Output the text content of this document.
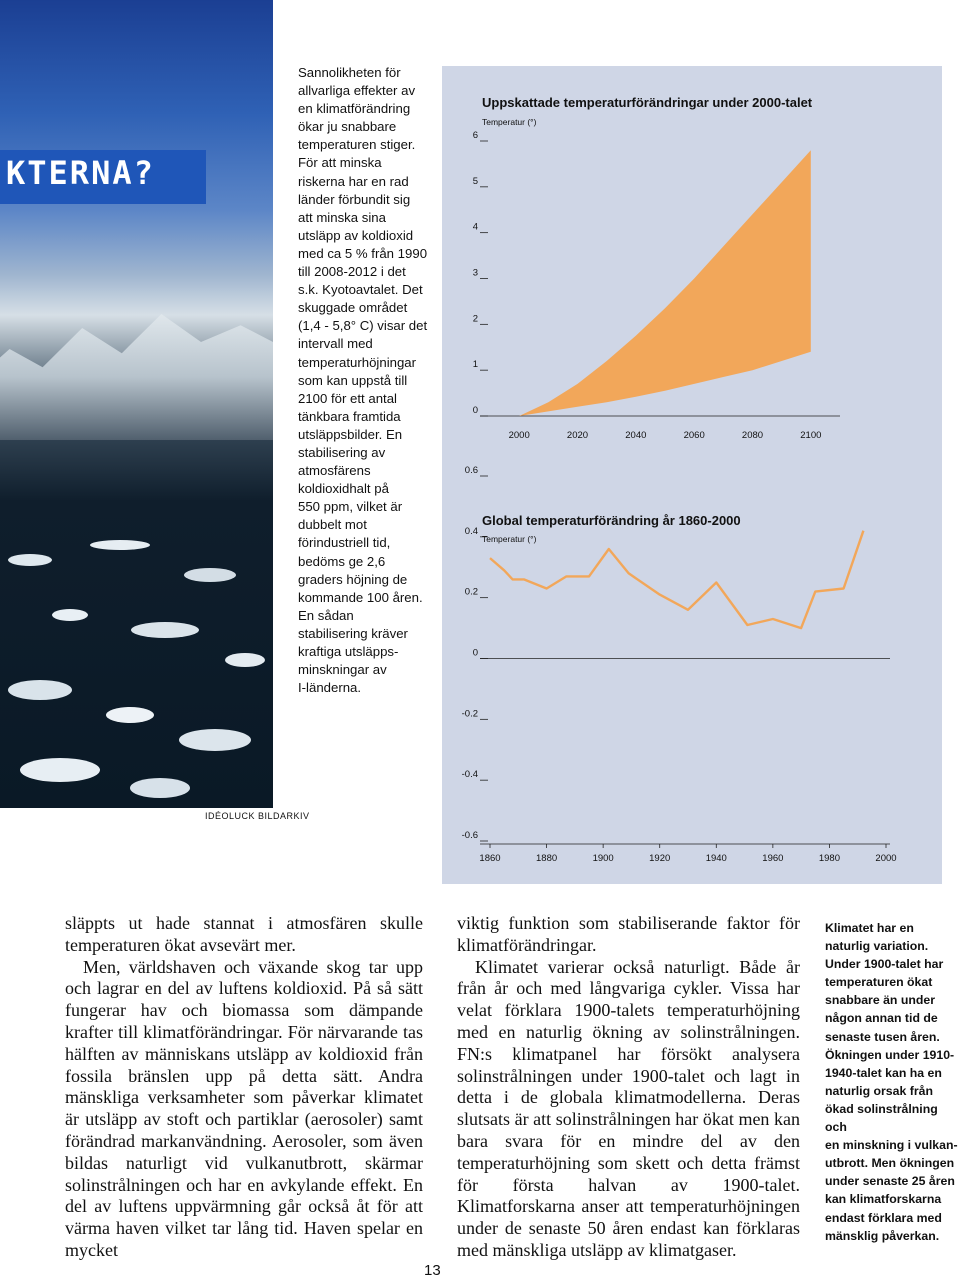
KTERNA?
IDÉOLUCK BILDARKIV
Sannolikheten för
allvarliga effekter av
en klimatförändring
ökar ju snabbare
temperaturen stiger.
För att minska
riskerna har en rad
länder förbundit sig
att minska sina
utsläpp av koldioxid
med ca 5 % från 1990
till 2008-2012 i det
s.k. Kyotoavtalet. Det
skuggade området
(1,4 - 5,8° C) visar det
intervall med
temperaturhöjningar
som kan uppstå till
2100 för ett antal
tänkbara framtida
utsläppsbilder. En
stabilisering av
atmosfärens
koldioxidhalt på
550 ppm, vilket är
dubbelt mot
förindustriell tid,
bedöms ge 2,6
graders höjning de
kommande 100 åren.
En sådan
stabilisering kräver
kraftiga utsläpps-
minskningar av
I-länderna.
Uppskattade temperaturförändringar under 2000-talet
Temperatur (°)
0
1
2
3
4
5
6
2000	2020	2040	2060	2080	2100
Global temperaturförändring år 1860-2000
Temperatur (°)
0.6
0.4
0.2
0
-0.2
-0.4
-0.6
1860	1880	1900	1920	1940	1960	1980	2000

släppts ut hade stannat i atmosfären skulle temperaturen ökat avsevärt mer.

Men, världshaven och växande skog tar upp och lagrar en del av luftens koldioxid. På så sätt fungerar hav och biomassa som dämpande krafter till klimatförändringar. För närvarande tas hälften av människans utsläpp av koldioxid från fossila bränslen upp på detta sätt. Andra mänskliga verksamheter som påverkar klimatet är utsläpp av stoft och partiklar (aerosoler) samt förändrad markanvändning. Aerosoler, som även bildas naturligt vid vulkanutbrott, skärmar solinstrålningen och har en avkylande effekt. En del av luftens uppvärmning går också åt för att värma haven vilket tar lång tid. Haven spelar en mycket

viktig funktion som stabiliserande faktor för klimatförändringar.

Klimatet varierar också naturligt. Både år från år och med långvariga cykler. Vissa har velat förklara 1900-talets temperaturhöjning med en naturlig ökning av solinstrålningen. FN:s klimatpanel har försökt analysera solinstrålningen under 1900-talet och lagt in detta i de globala klimatmodellerna. Deras slutsats är att solinstrålningen har ökat men kan bara svara för en mindre del av den temperaturhöjning som skett och detta främst för första halvan av 1900-talet. Klimatforskarna anser att temperaturhöjningen under de senaste 50 åren endast kan förklaras med mänskliga utsläpp av klimatgaser.

Klimatet har en
naturlig variation.
Under 1900-talet har
temperaturen ökat
snabbare än under
någon annan tid de
senaste tusen åren.
Ökningen under 1910-
1940-talet kan ha en
naturlig orsak från
ökad solinstrålning och
en minskning i vulkan-
utbrott. Men ökningen
under senaste 25 åren
kan klimatforskarna
endast förklara med
mänsklig påverkan.
13
